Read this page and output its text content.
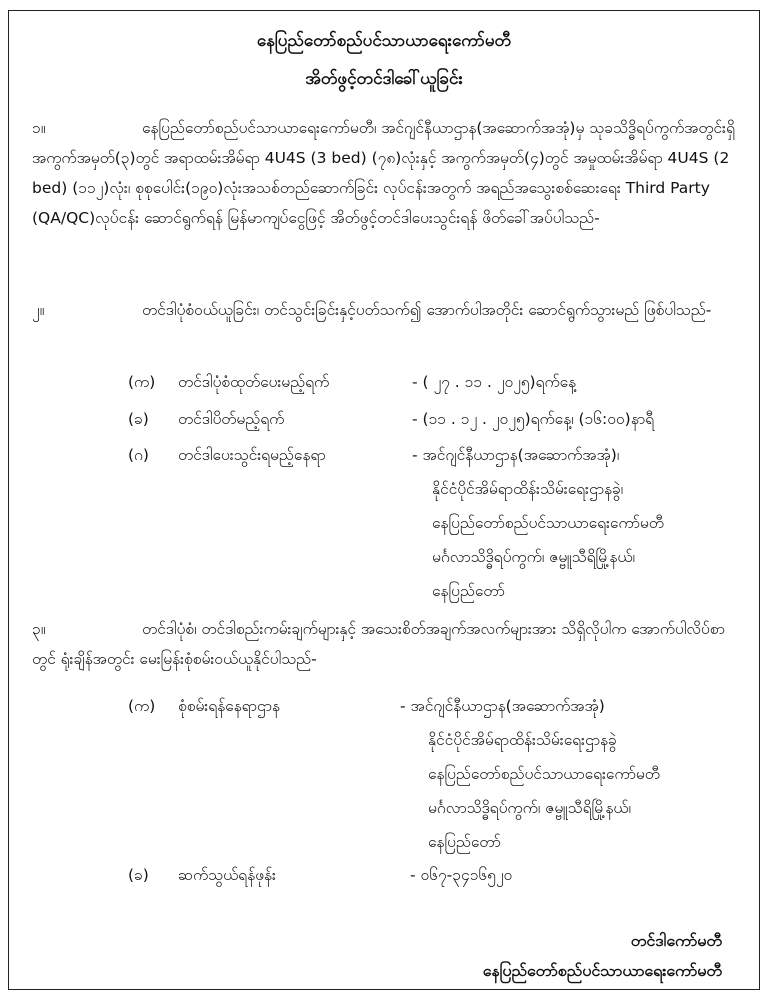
နေပြည်တော်စည်ပင်သာယာရေးကော်မတီ
အိတ်ဖွင့်တင်ဒါခေါ်ယူခြင်း
၁။	နေပြည်တော်စည်ပင်သာယာရေးကော်မတီ၊ အင်ဂျင်နီယာဌာန(အဆောက်အအုံ)မှ သုခသိဒ္ဓိရပ်ကွက်အတွင်းရှိ အကွက်အမှတ်(၃)တွင် အရာထမ်းအိမ်ရာ 4U4S (3 bed) (၇၈)လုံးနှင့် အကွက်အမှတ်(၄)တွင် အမှုထမ်းအိမ်ရာ 4U4S (2 bed) (၁၁၂)လုံး၊ စုစုပေါင်း(၁၉၀)လုံးအသစ်တည်ဆောက်ခြင်း လုပ်ငန်းအတွက် အရည်အသွေးစစ်ဆေးရေး Third Party (QA/QC)လုပ်ငန်း ဆောင်ရွက်ရန် မြန်မာကျပ်ငွေဖြင့် အိတ်ဖွင့်တင်ဒါပေးသွင်းရန် ဖိတ်ခေါ်အပ်ပါသည်-
၂။	တင်ဒါပုံစံဝယ်ယူခြင်း၊ တင်သွင်းခြင်းနှင့်ပတ်သက်၍ အောက်ပါအတိုင်း ဆောင်ရွက်သွားမည် ဖြစ်ပါသည်-
(က) တင်ဒါပုံစံထုတ်ပေးမည့်ရက်	- ( ၂၇ . ၁၁ . ၂၀၂၅)ရက်နေ့
(ခ) တင်ဒါပိတ်မည့်ရက်	- (၁၁ . ၁၂ . ၂၀၂၅)ရက်နေ့၊ (၁၆:၀၀)နာရီ
(ဂ) တင်ဒါပေးသွင်းရမည့်နေရာ	- အင်ဂျင်နီယာဌာန(အဆောက်အအုံ)၊
နိုင်ငံပိုင်အိမ်ရာထိန်းသိမ်းရေးဌာနခွဲ၊
နေပြည်တော်စည်ပင်သာယာရေးကော်မတီ
မင်္ဂလာသိဒ္ဓိရပ်ကွက်၊ ဇမ္ဗူသီရိမြို့နယ်၊
နေပြည်တော်
၃။	တင်ဒါပုံစံ၊ တင်ဒါစည်းကမ်းချက်များနှင့် အသေးစိတ်အချက်အလက်များအား သိရှိလိုပါက အောက်ပါလိပ်စာတွင် ရုံးချိန်အတွင်း မေးမြန်းစုံစမ်းဝယ်ယူနိုင်ပါသည်-
(က) စုံစမ်းရန်နေရာဌာန	- အင်ဂျင်နီယာဌာန(အဆောက်အအုံ)
နိုင်ငံပိုင်အိမ်ရာထိန်းသိမ်းရေးဌာနခွဲ
နေပြည်တော်စည်ပင်သာယာရေးကော်မတီ
မင်္ဂလာသိဒ္ဓိရပ်ကွက်၊ ဇမ္ဗူသီရိမြို့နယ်၊
နေပြည်တော်
(ခ) ဆက်သွယ်ရန်ဖုန်း	- ၀၆၇-၃၄၁၆၅၂၀
တင်ဒါကော်မတီ
နေပြည်တော်စည်ပင်သာယာရေးကော်မတီ
